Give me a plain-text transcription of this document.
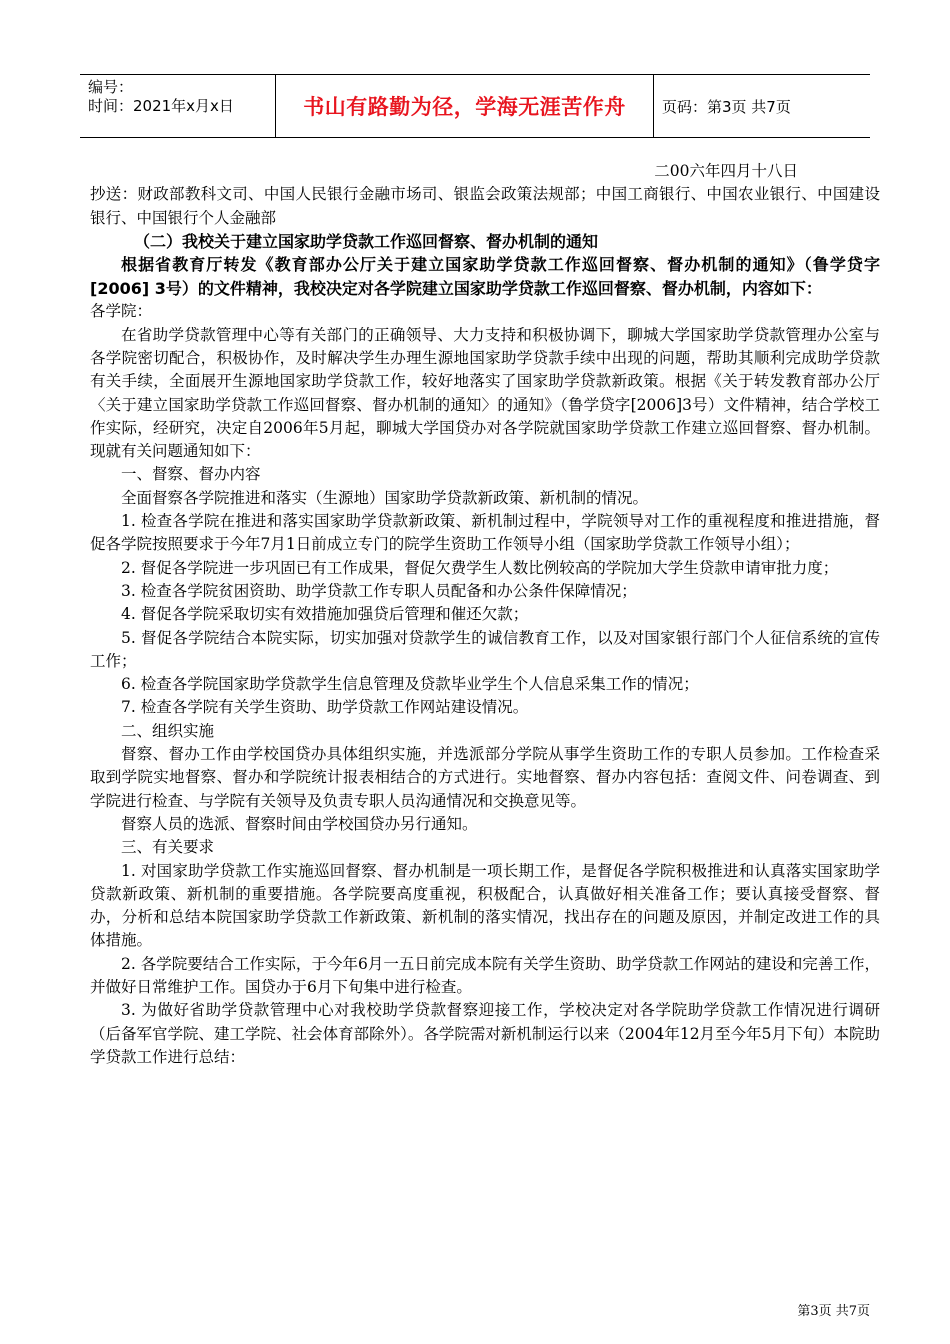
编号：
时间：2021年x月x日	书山有路勤为径，学海无涯苦作舟	页码：第3页 共7页

二00六年四月十八日

抄送：财政部教科文司、中国人民银行金融市场司、银监会政策法规部；中国工商银行、中国农业银行、中国建设银行、中国银行个人金融部

（二）我校关于建立国家助学贷款工作巡回督察、督办机制的通知

根据省教育厅转发《教育部办公厅关于建立国家助学贷款工作巡回督察、督办机制的通知》（鲁学贷字[2006] 3号）的文件精神，我校决定对各学院建立国家助学贷款工作巡回督察、督办机制，内容如下：

各学院：

在省助学贷款管理中心等有关部门的正确领导、大力支持和积极协调下，聊城大学国家助学贷款管理办公室与各学院密切配合，积极协作，及时解决学生办理生源地国家助学贷款手续中出现的问题，帮助其顺利完成助学贷款有关手续，全面展开生源地国家助学贷款工作，较好地落实了国家助学贷款新政策。根据《关于转发教育部办公厅〈关于建立国家助学贷款工作巡回督察、督办机制的通知〉的通知》（鲁学贷字[2006]3号）文件精神，结合学校工作实际，经研究，决定自2006年5月起，聊城大学国贷办对各学院就国家助学贷款工作建立巡回督察、督办机制。现就有关问题通知如下：

一、督察、督办内容

全面督察各学院推进和落实（生源地）国家助学贷款新政策、新机制的情况。

1. 检查各学院在推进和落实国家助学贷款新政策、新机制过程中，学院领导对工作的重视程度和推进措施，督促各学院按照要求于今年7月1日前成立专门的院学生资助工作领导小组（国家助学贷款工作领导小组）；

2. 督促各学院进一步巩固已有工作成果，督促欠费学生人数比例较高的学院加大学生贷款申请审批力度；

3. 检查各学院贫困资助、助学贷款工作专职人员配备和办公条件保障情况；

4. 督促各学院采取切实有效措施加强贷后管理和催还欠款；

5. 督促各学院结合本院实际，切实加强对贷款学生的诚信教育工作，以及对国家银行部门个人征信系统的宣传工作；

6. 检查各学院国家助学贷款学生信息管理及贷款毕业学生个人信息采集工作的情况；

7. 检查各学院有关学生资助、助学贷款工作网站建设情况。

二、组织实施

督察、督办工作由学校国贷办具体组织实施，并选派部分学院从事学生资助工作的专职人员参加。工作检查采取到学院实地督察、督办和学院统计报表相结合的方式进行。实地督察、督办内容包括：查阅文件、问卷调查、到学院进行检查、与学院有关领导及负责专职人员沟通情况和交换意见等。

督察人员的选派、督察时间由学校国贷办另行通知。

三、有关要求

1. 对国家助学贷款工作实施巡回督察、督办机制是一项长期工作，是督促各学院积极推进和认真落实国家助学贷款新政策、新机制的重要措施。各学院要高度重视，积极配合，认真做好相关准备工作；要认真接受督察、督办，分析和总结本院国家助学贷款工作新政策、新机制的落实情况，找出存在的问题及原因，并制定改进工作的具体措施。

2. 各学院要结合工作实际，于今年6月一五日前完成本院有关学生资助、助学贷款工作网站的建设和完善工作，并做好日常维护工作。国贷办于6月下旬集中进行检查。

3. 为做好省助学贷款管理中心对我校助学贷款督察迎接工作，学校决定对各学院助学贷款工作情况进行调研（后备军官学院、建工学院、社会体育部除外）。各学院需对新机制运行以来（2004年12月至今年5月下旬）本院助学贷款工作进行总结：

第3页 共7页
